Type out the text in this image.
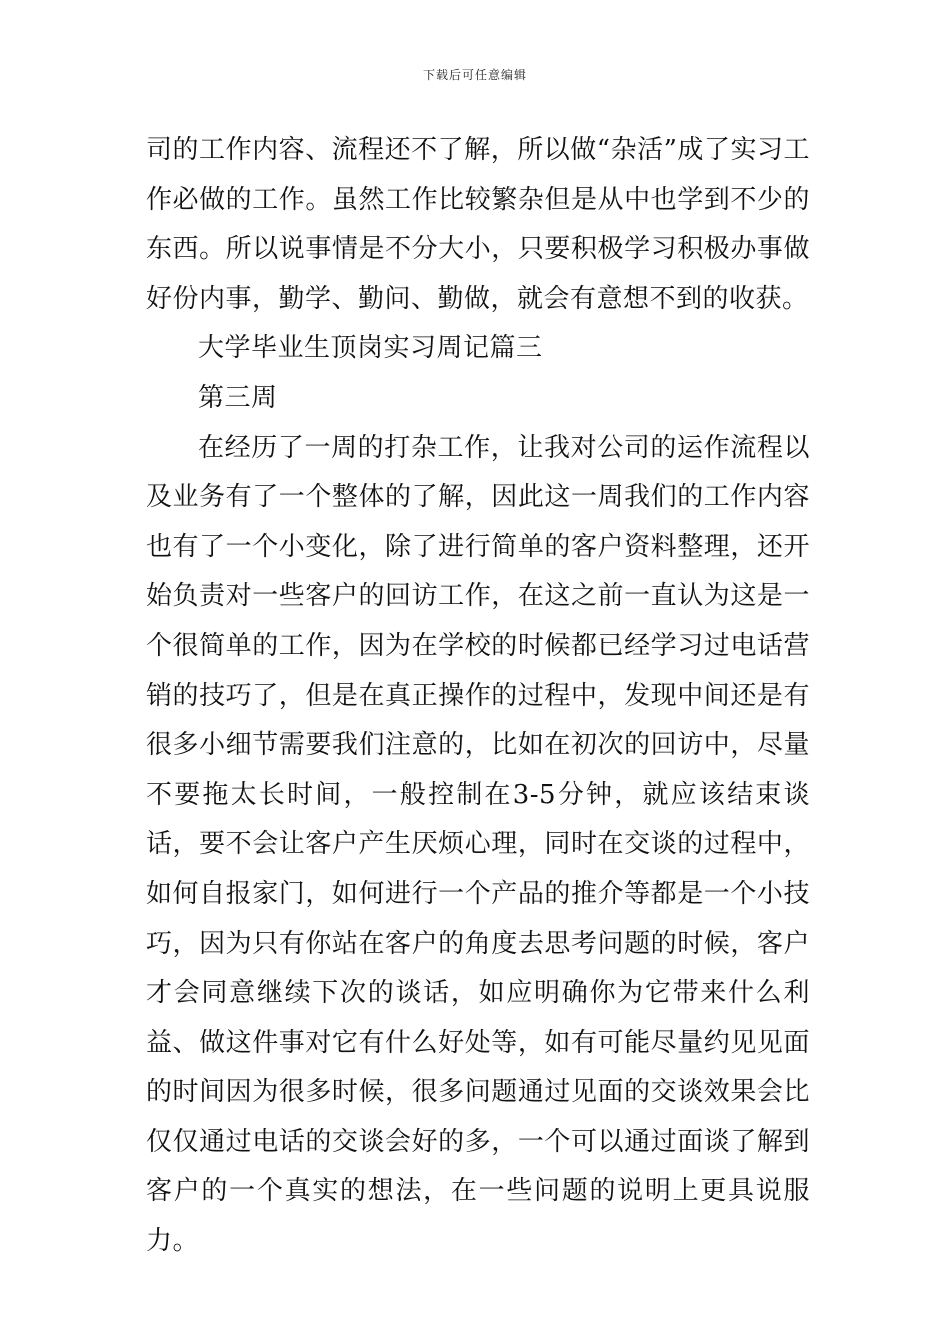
下载后可任意编辑

司的工作内容、流程还不了解，所以做“杂活”成了实习工作必做的工作。虽然工作比较繁杂但是从中也学到不少的东西。所以说事情是不分大小，只要积极学习积极办事做好份内事，勤学、勤问、勤做，就会有意想不到的收获。

大学毕业生顶岗实习周记篇三

第三周

在经历了一周的打杂工作，让我对公司的运作流程以及业务有了一个整体的了解，因此这一周我们的工作内容也有了一个小变化，除了进行简单的客户资料整理，还开始负责对一些客户的回访工作，在这之前一直认为这是一个很简单的工作，因为在学校的时候都已经学习过电话营销的技巧了，但是在真正操作的过程中，发现中间还是有很多小细节需要我们注意的，比如在初次的回访中，尽量不要拖太长时间，一般控制在3-5分钟，就应该结束谈话，要不会让客户产生厌烦心理，同时在交谈的过程中，如何自报家门，如何进行一个产品的推介等都是一个小技巧，因为只有你站在客户的角度去思考问题的时候，客户才会同意继续下次的谈话，如应明确你为它带来什么利益、做这件事对它有什么好处等，如有可能尽量约见见面的时间因为很多时候，很多问题通过见面的交谈效果会比仅仅通过电话的交谈会好的多，一个可以通过面谈了解到客户的一个真实的想法，在一些问题的说明上更具说服力。
